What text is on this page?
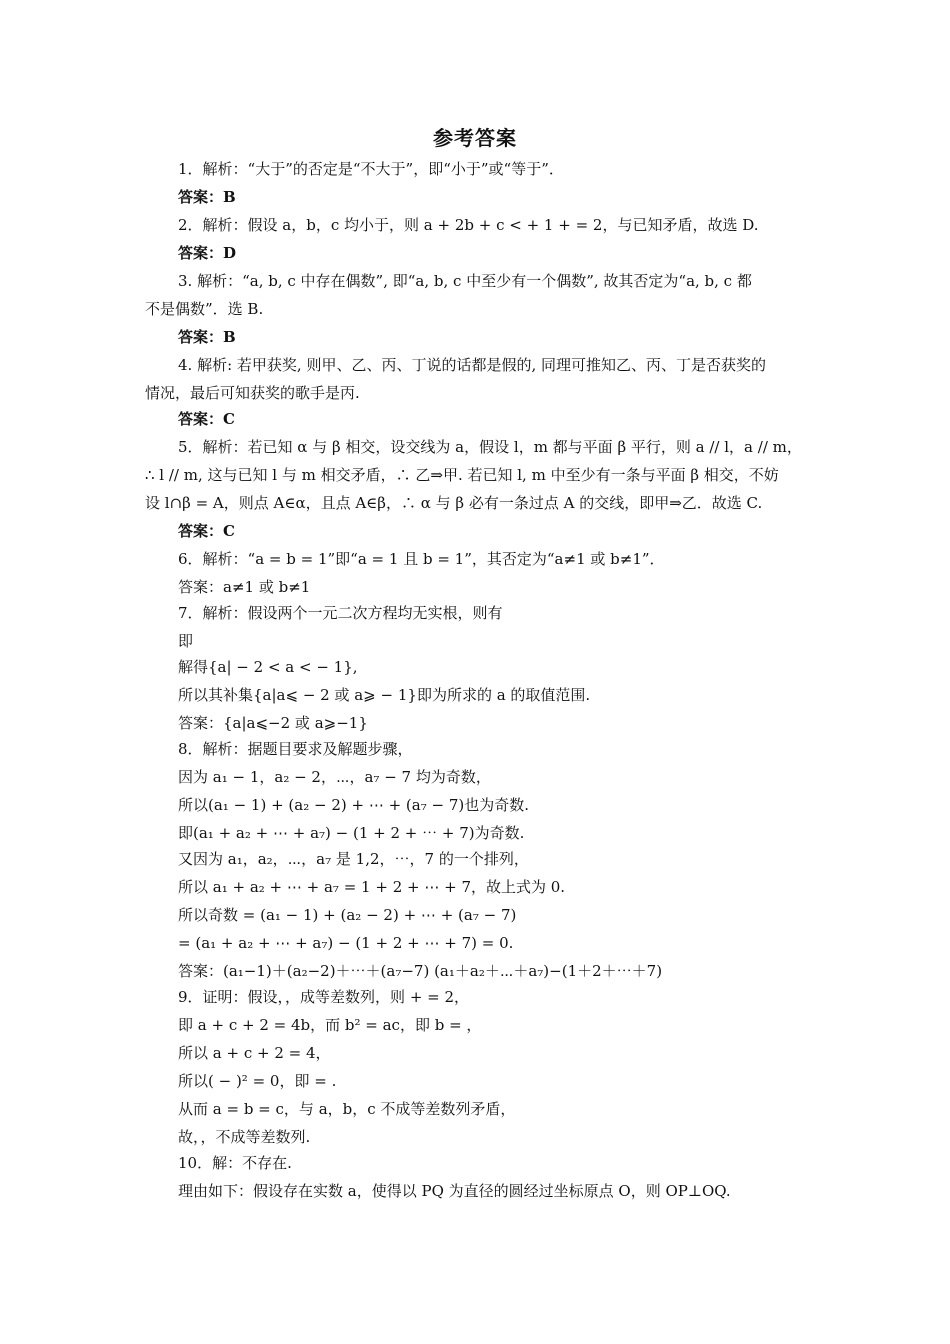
参考答案
1．解析：“大于”的否定是“不大于”，即“小于”或“等于”．
答案：B
2．解析：假设 a，b，c 均小于，则 a + 2b + c < + 1 + = 2，与已知矛盾，故选 D.
答案：D
3. 解析：“a, b, c 中存在偶数”, 即“a, b, c 中至少有一个偶数”, 故其否定为“a, b, c 都
不是偶数”．选 B.
答案：B
4. 解析: 若甲获奖, 则甲、乙、丙、丁说的话都是假的, 同理可推知乙、丙、丁是否获奖的
情况，最后可知获奖的歌手是丙.
答案：C
5．解析：若已知 α 与 β 相交，设交线为 a，假设 l，m 都与平面 β 平行，则 a // l，a // m，
∴ l // m, 这与已知 l 与 m 相交矛盾，∴ 乙⇒甲. 若已知 l, m 中至少有一条与平面 β 相交，不妨
设 l∩β = A，则点 A∈α，且点 A∈β，∴ α 与 β 必有一条过点 A 的交线，即甲⇒乙．故选 C.
答案：C
6．解析：“a = b = 1”即“a = 1 且 b = 1”，其否定为“a≠1 或 b≠1”．
答案：a≠1 或 b≠1
7．解析：假设两个一元二次方程均无实根，则有
即
解得{a| − 2 < a < − 1},
所以其补集{a|a⩽ − 2 或 a⩾ − 1}即为所求的 a 的取值范围.
答案：{a|a⩽−2 或 a⩾−1}
8．解析：据题目要求及解题步骤，
因为 a₁ − 1，a₂ − 2，⋯，a₇ − 7 均为奇数，
所以(a₁ − 1) + (a₂ − 2) + ⋯ + (a₇ − 7)也为奇数.
即(a₁ + a₂ + ⋯ + a₇) − (1 + 2 + ⋯ + 7)为奇数.
又因为 a₁，a₂，⋯，a₇ 是 1,2，⋯，7 的一个排列，
所以 a₁ + a₂ + ⋯ + a₇ = 1 + 2 + ⋯ + 7，故上式为 0.
所以奇数 = (a₁ − 1) + (a₂ − 2) + ⋯ + (a₇ − 7)
= (a₁ + a₂ + ⋯ + a₇) − (1 + 2 + ⋯ + 7) = 0.
答案：(a₁−1)＋(a₂−2)＋⋯＋(a₇−7) (a₁＋a₂＋⋯＋a₇)−(1＋2＋⋯＋7)
9．证明：假设，，成等差数列，则 + = 2，
即 a + c + 2 = 4b，而 b² = ac，即 b = ，
所以 a + c + 2 = 4，
所以( − )² = 0，即 = .
从而 a = b = c，与 a，b，c 不成等差数列矛盾，
故，，不成等差数列.
10．解：不存在.
理由如下：假设存在实数 a，使得以 PQ 为直径的圆经过坐标原点 O，则 OP⊥OQ.
